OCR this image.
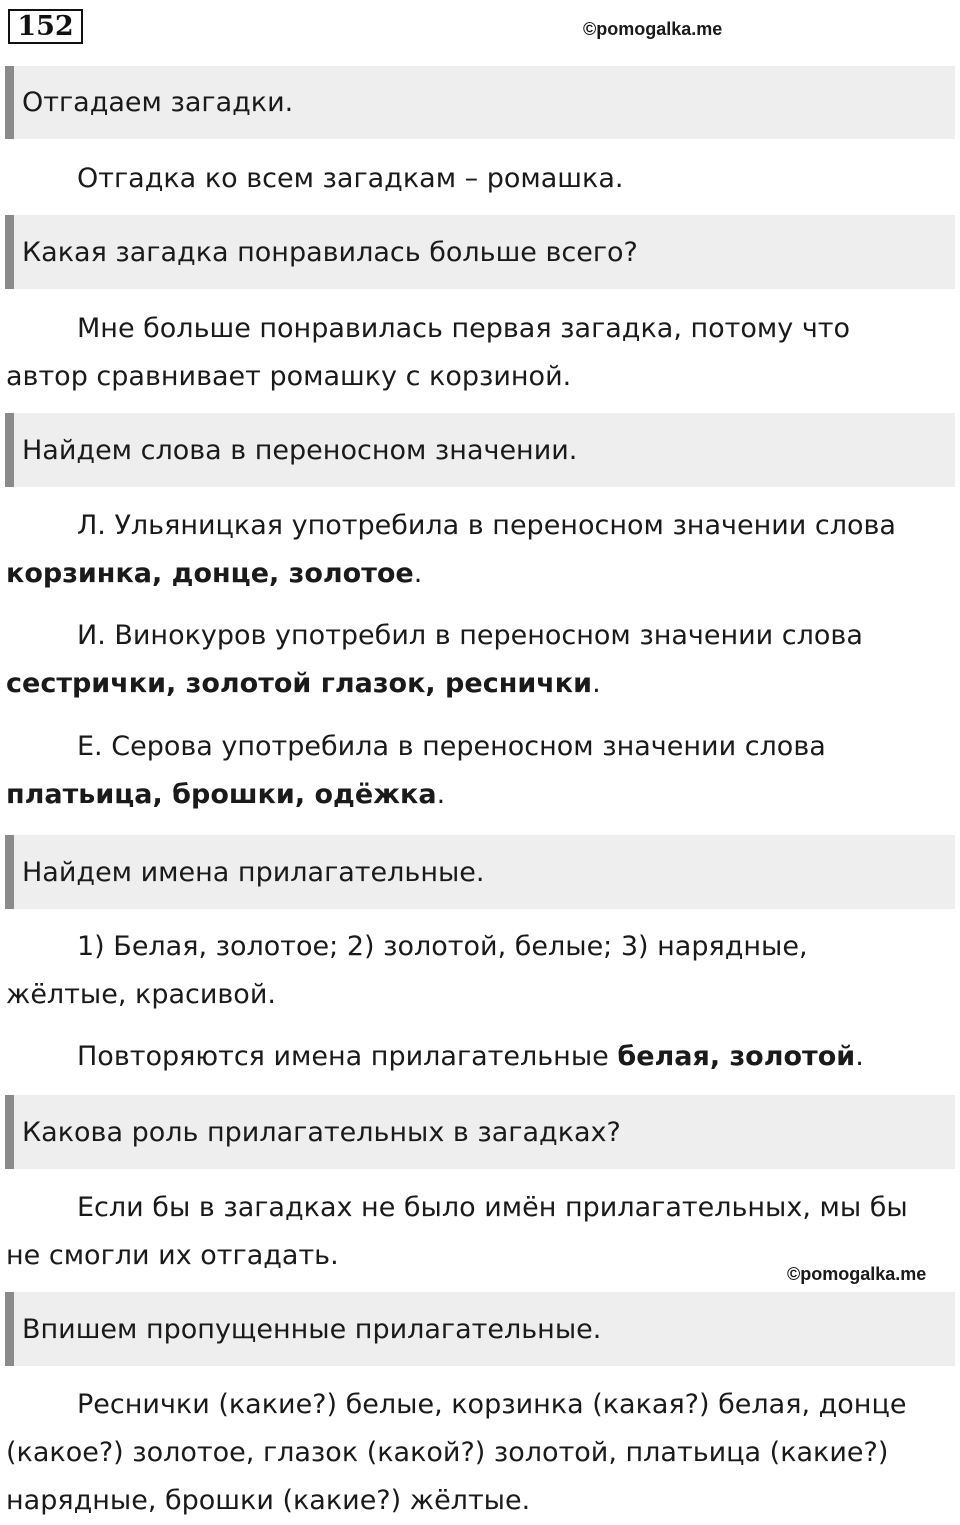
152	©pomogalka.me
Отгадаем загадки.

Отгадка ко всем загадкам – ромашка.

Какая загадка понравилась больше всего?

Мне больше понравилась первая загадка, потому что автор сравнивает ромашку с корзиной.

Найдем слова в переносном значении.

Л. Ульяницкая употребила в переносном значении слова корзинка, донце, золотое.

И. Винокуров употребил в переносном значении слова сестрички, золотой глазок, реснички.

Е. Серова употребила в переносном значении слова платьица, брошки, одёжка.

Найдем имена прилагательные.

1) Белая, золотое; 2) золотой, белые; 3) нарядные, жёлтые, красивой.

Повторяются имена прилагательные белая, золотой.

Какова роль прилагательных в загадках?

Если бы в загадках не было имён прилагательных, мы бы не смогли их отгадать.

©pomogalka.me
Впишем пропущенные прилагательные.

Реснички (какие?) белые, корзинка (какая?) белая, донце (какое?) золотое, глазок (какой?) золотой, платьица (какие?) нарядные, брошки (какие?) жёлтые.
